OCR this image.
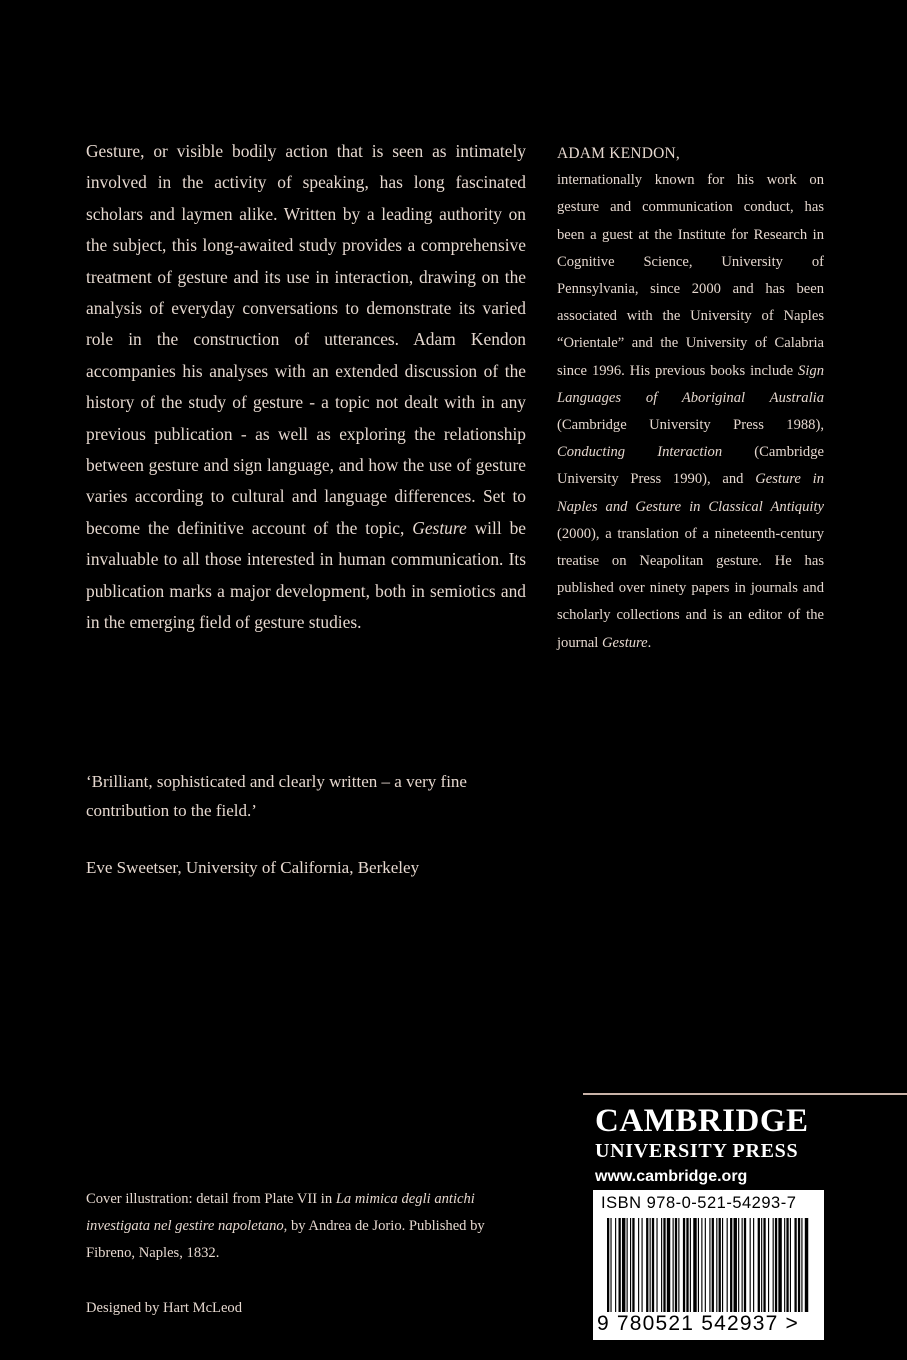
Gesture, or visible bodily action that is seen as intimately involved in the activity of speaking, has long fascinated scholars and laymen alike. Written by a leading authority on the subject, this long-awaited study provides a comprehensive treatment of gesture and its use in interaction, drawing on the analysis of everyday conversations to demonstrate its varied role in the construction of utterances. Adam Kendon accompanies his analyses with an extended discussion of the history of the study of gesture - a topic not dealt with in any previous publication - as well as exploring the relationship between gesture and sign language, and how the use of gesture varies according to cultural and language differences. Set to become the definitive account of the topic, Gesture will be invaluable to all those interested in human communication. Its publication marks a major development, both in semiotics and in the emerging field of gesture studies.

‘Brilliant, sophisticated and clearly written – a very fine contribution to the field.’

Eve Sweetser, University of California, Berkeley

ADAM KENDON,
internationally known for his work on gesture and communication conduct, has been a guest at the Institute for Research in Cognitive Science, University of Pennsylvania, since 2000 and has been associated with the University of Naples “Orientale” and the University of Calabria since 1996. His previous books include Sign Languages of Aboriginal Australia (Cambridge University Press 1988), Conducting Interaction (Cambridge University Press 1990), and Gesture in Naples and Gesture in Classical Antiquity (2000), a translation of a nineteenth-century treatise on Neapolitan gesture. He has published over ninety papers in journals and scholarly collections and is an editor of the journal Gesture.
CAMBRIDGE
UNIVERSITY PRESS
www.cambridge.org
ISBN 978-0-521-54293-7
9 780521 542937 >
Cover illustration: detail from Plate VII in La mimica degli antichi investigata nel gestire napoletano, by Andrea de Jorio. Published by Fibreno, Naples, 1832.
Designed by Hart McLeod
